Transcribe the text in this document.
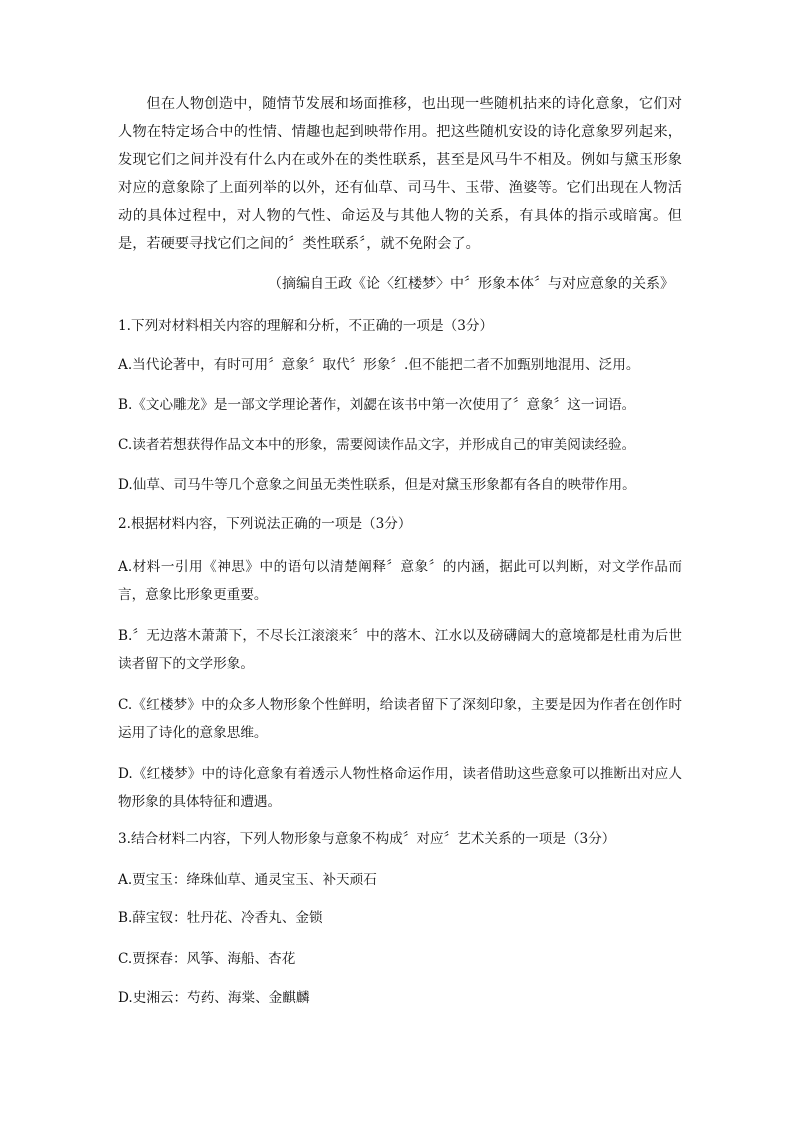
但在人物创造中，随情节发展和场面推移，也出现一些随机拈来的诗化意象，它们对人物在特定场合中的性情、情趣也起到映带作用。把这些随机安设的诗化意象罗列起来，发现它们之间并没有什么内在或外在的类性联系，甚至是风马牛不相及。例如与黛玉形象对应的意象除了上面列举的以外，还有仙草、司马牛、玉带、渔婆等。它们出现在人物活动的具体过程中，对人物的气性、命运及与其他人物的关系，有具体的指示或暗寓。但是，若硬要寻找它们之间的〞类性联系〞，就不免附会了。

（摘编自王政《论〈红楼梦〉中〞形象本体〞与对应意象的关系》

1.下列对材料相关内容的理解和分析，不正确的一项是（3分）

A.当代论著中，有时可用〞意象〞取代〞形象〞.但不能把二者不加甄别地混用、泛用。

B.《文心雕龙》是一部文学理论著作，刘勰在该书中第一次使用了〞意象〞这一词语。

C.读者若想获得作品文本中的形象，需要阅读作品文字，并形成自己的审美阅读经验。

D.仙草、司马牛等几个意象之间虽无类性联系，但是对黛玉形象都有各自的映带作用。

2.根据材料内容，下列说法正确的一项是（3分）

A.材料一引用《神思》中的语句以清楚阐释〞意象〞的内涵，据此可以判断，对文学作品而言，意象比形象更重要。

B.〞无边落木萧萧下，不尽长江滚滚来〞中的落木、江水以及磅礴阔大的意境都是杜甫为后世读者留下的文学形象。

C.《红楼梦》中的众多人物形象个性鲜明，给读者留下了深刻印象，主要是因为作者在创作时运用了诗化的意象思维。

D.《红楼梦》中的诗化意象有着透示人物性格命运作用，读者借助这些意象可以推断出对应人物形象的具体特征和遭遇。

3.结合材料二内容，下列人物形象与意象不构成〞对应〞艺术关系的一项是（3分）

A.贾宝玉：绛珠仙草、通灵宝玉、补天顽石

B.薛宝钗：牡丹花、冷香丸、金锁

C.贾探春：风筝、海船、杏花

D.史湘云：芍药、海棠、金麒麟
